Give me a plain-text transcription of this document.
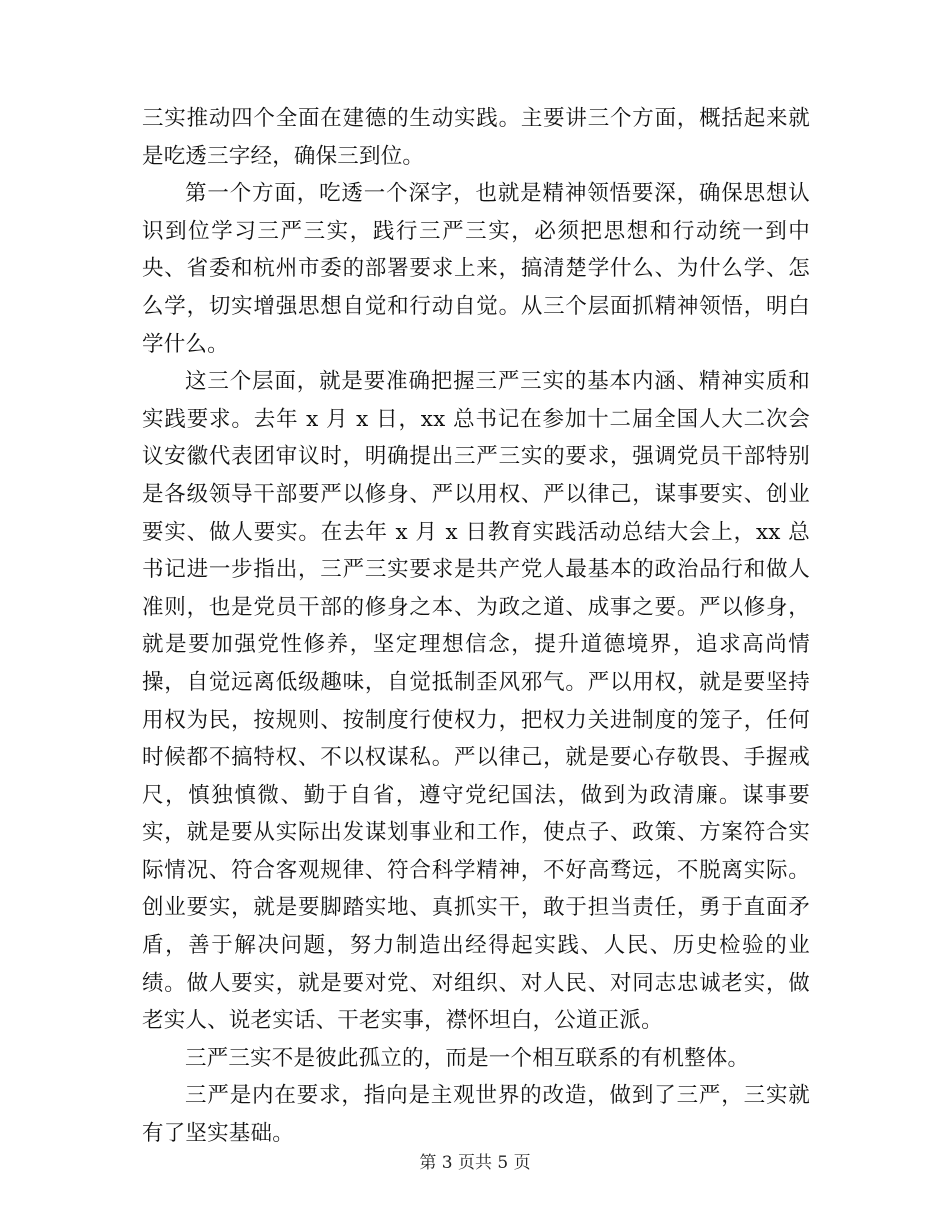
三实推动四个全面在建德的生动实践。主要讲三个方面，概括起来就是吃透三字经，确保三到位。

第一个方面，吃透一个深字，也就是精神领悟要深，确保思想认识到位学习三严三实，践行三严三实，必须把思想和行动统一到中央、省委和杭州市委的部署要求上来，搞清楚学什么、为什么学、怎么学，切实增强思想自觉和行动自觉。从三个层面抓精神领悟，明白学什么。

这三个层面，就是要准确把握三严三实的基本内涵、精神实质和实践要求。去年 x 月 x 日，xx 总书记在参加十二届全国人大二次会议安徽代表团审议时，明确提出三严三实的要求，强调党员干部特别是各级领导干部要严以修身、严以用权、严以律己，谋事要实、创业要实、做人要实。在去年 x 月 x 日教育实践活动总结大会上，xx 总书记进一步指出，三严三实要求是共产党人最基本的政治品行和做人准则，也是党员干部的修身之本、为政之道、成事之要。严以修身，就是要加强党性修养，坚定理想信念，提升道德境界，追求高尚情操，自觉远离低级趣味，自觉抵制歪风邪气。严以用权，就是要坚持用权为民，按规则、按制度行使权力，把权力关进制度的笼子，任何时候都不搞特权、不以权谋私。严以律己，就是要心存敬畏、手握戒尺，慎独慎微、勤于自省，遵守党纪国法，做到为政清廉。谋事要实，就是要从实际出发谋划事业和工作，使点子、政策、方案符合实际情况、符合客观规律、符合科学精神，不好高骛远，不脱离实际。创业要实，就是要脚踏实地、真抓实干，敢于担当责任，勇于直面矛盾，善于解决问题，努力制造出经得起实践、人民、历史检验的业绩。做人要实，就是要对党、对组织、对人民、对同志忠诚老实，做老实人、说老实话、干老实事，襟怀坦白，公道正派。

三严三实不是彼此孤立的，而是一个相互联系的有机整体。

三严是内在要求，指向是主观世界的改造，做到了三严，三实就有了坚实基础。

第 3 页共 5 页
